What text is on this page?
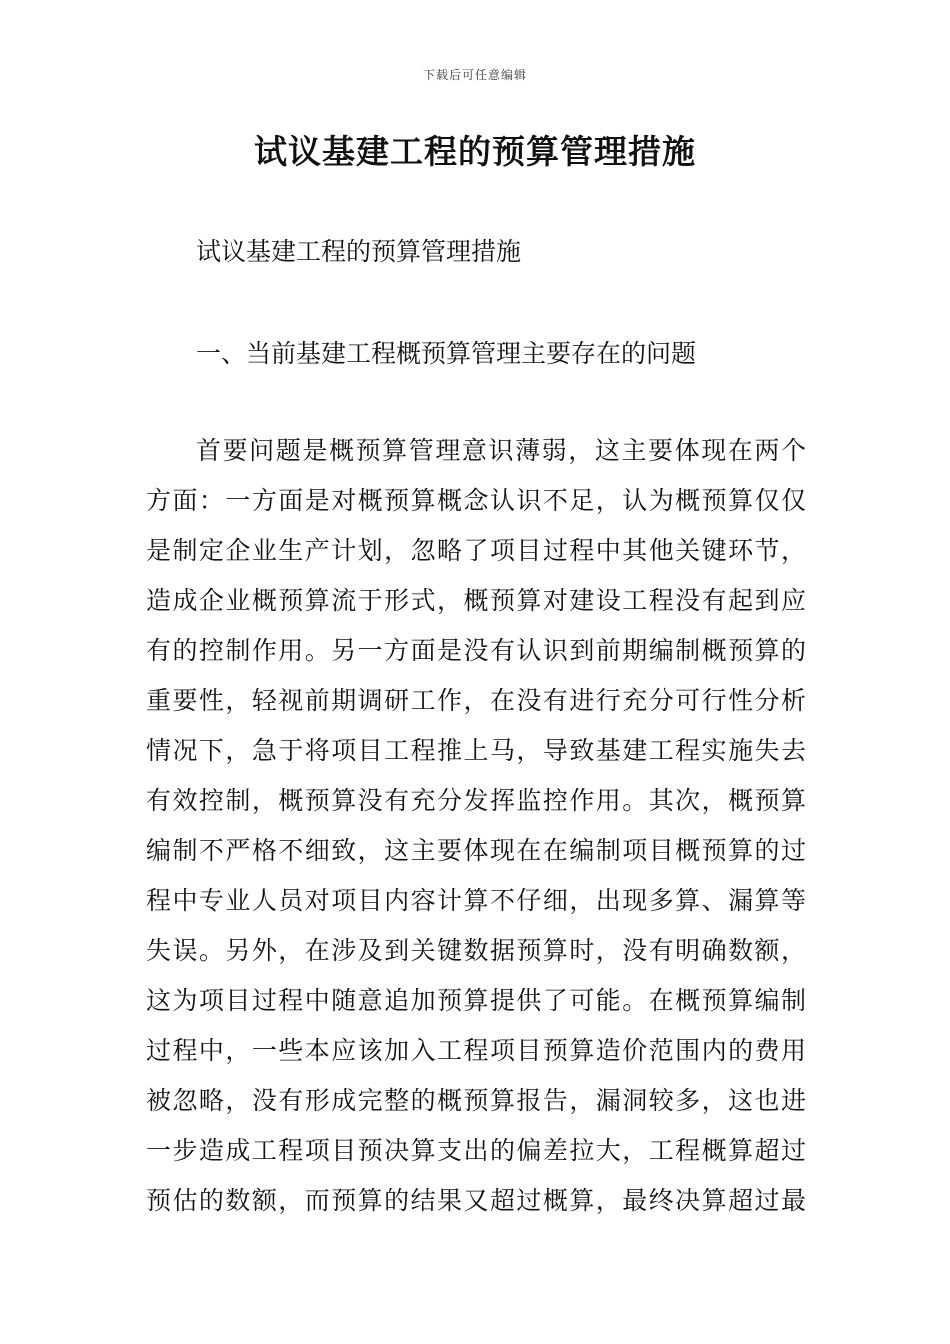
下载后可任意编辑
试议基建工程的预算管理措施

试议基建工程的预算管理措施

一、当前基建工程概预算管理主要存在的问题

首要问题是概预算管理意识薄弱，这主要体现在两个
方面：一方面是对概预算概念认识不足，认为概预算仅仅
是制定企业生产计划，忽略了项目过程中其他关键环节，
造成企业概预算流于形式，概预算对建设工程没有起到应
有的控制作用。另一方面是没有认识到前期编制概预算的
重要性，轻视前期调研工作，在没有进行充分可行性分析
情况下，急于将项目工程推上马，导致基建工程实施失去
有效控制，概预算没有充分发挥监控作用。其次，概预算
编制不严格不细致，这主要体现在在编制项目概预算的过
程中专业人员对项目内容计算不仔细，出现多算、漏算等
失误。另外，在涉及到关键数据预算时，没有明确数额，
这为项目过程中随意追加预算提供了可能。在概预算编制
过程中，一些本应该加入工程项目预算造价范围内的费用
被忽略，没有形成完整的概预算报告，漏洞较多，这也进
一步造成工程项目预决算支出的偏差拉大，工程概算超过
预估的数额，而预算的结果又超过概算，最终决算超过最
